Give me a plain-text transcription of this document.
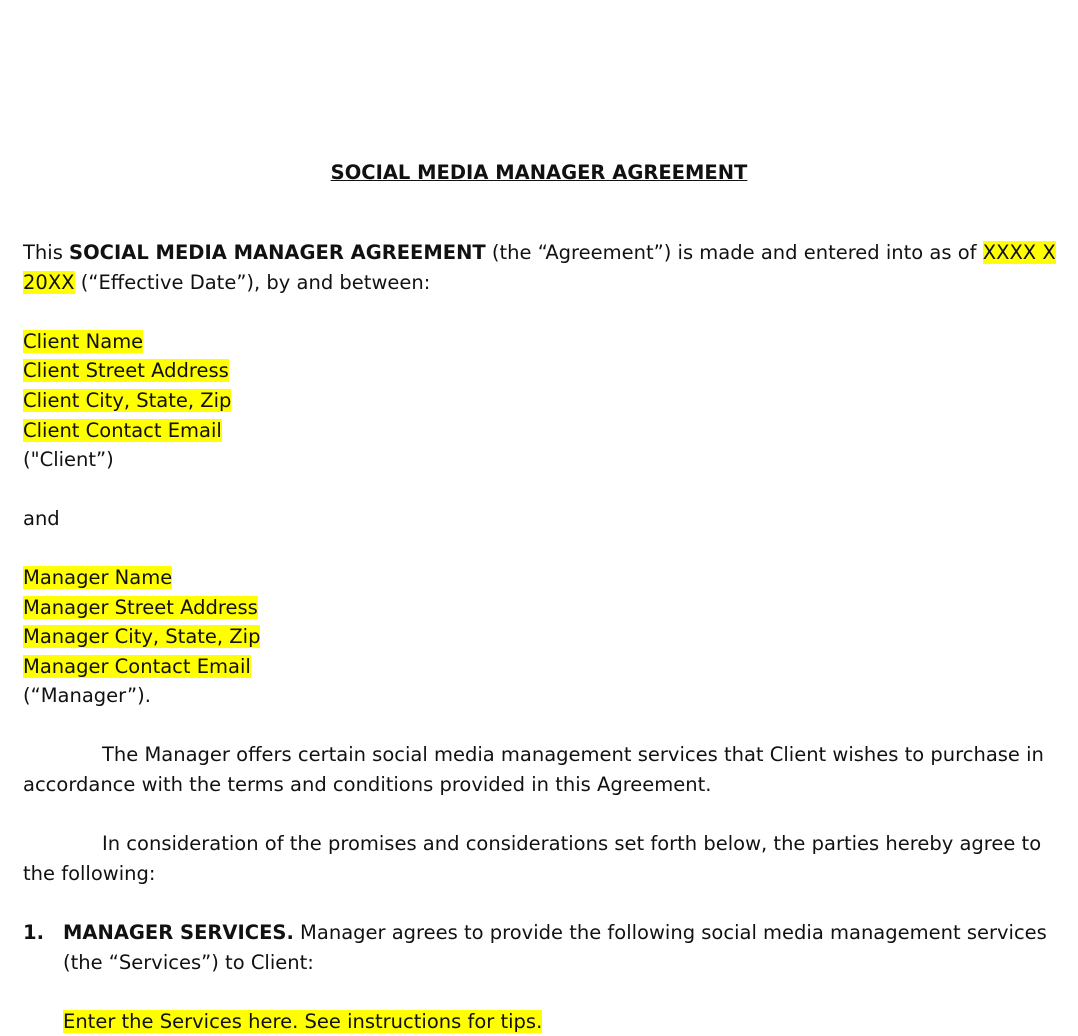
SOCIAL MEDIA MANAGER AGREEMENT
This SOCIAL MEDIA MANAGER AGREEMENT (the “Agreement”) is made and entered into as of XXXX X
20XX (“Effective Date”), by and between:
Client Name
Client Street Address
Client City, State, Zip
Client Contact Email
("Client”)
and
Manager Name
Manager Street Address
Manager City, State, Zip
Manager Contact Email
(“Manager”).
The Manager offers certain social media management services that Client wishes to purchase in
accordance with the terms and conditions provided in this Agreement.
In consideration of the promises and considerations set forth below, the parties hereby agree to
the following:
1. MANAGER SERVICES. Manager agrees to provide the following social media management services
(the “Services”) to Client:
Enter the Services here. See instructions for tips.
